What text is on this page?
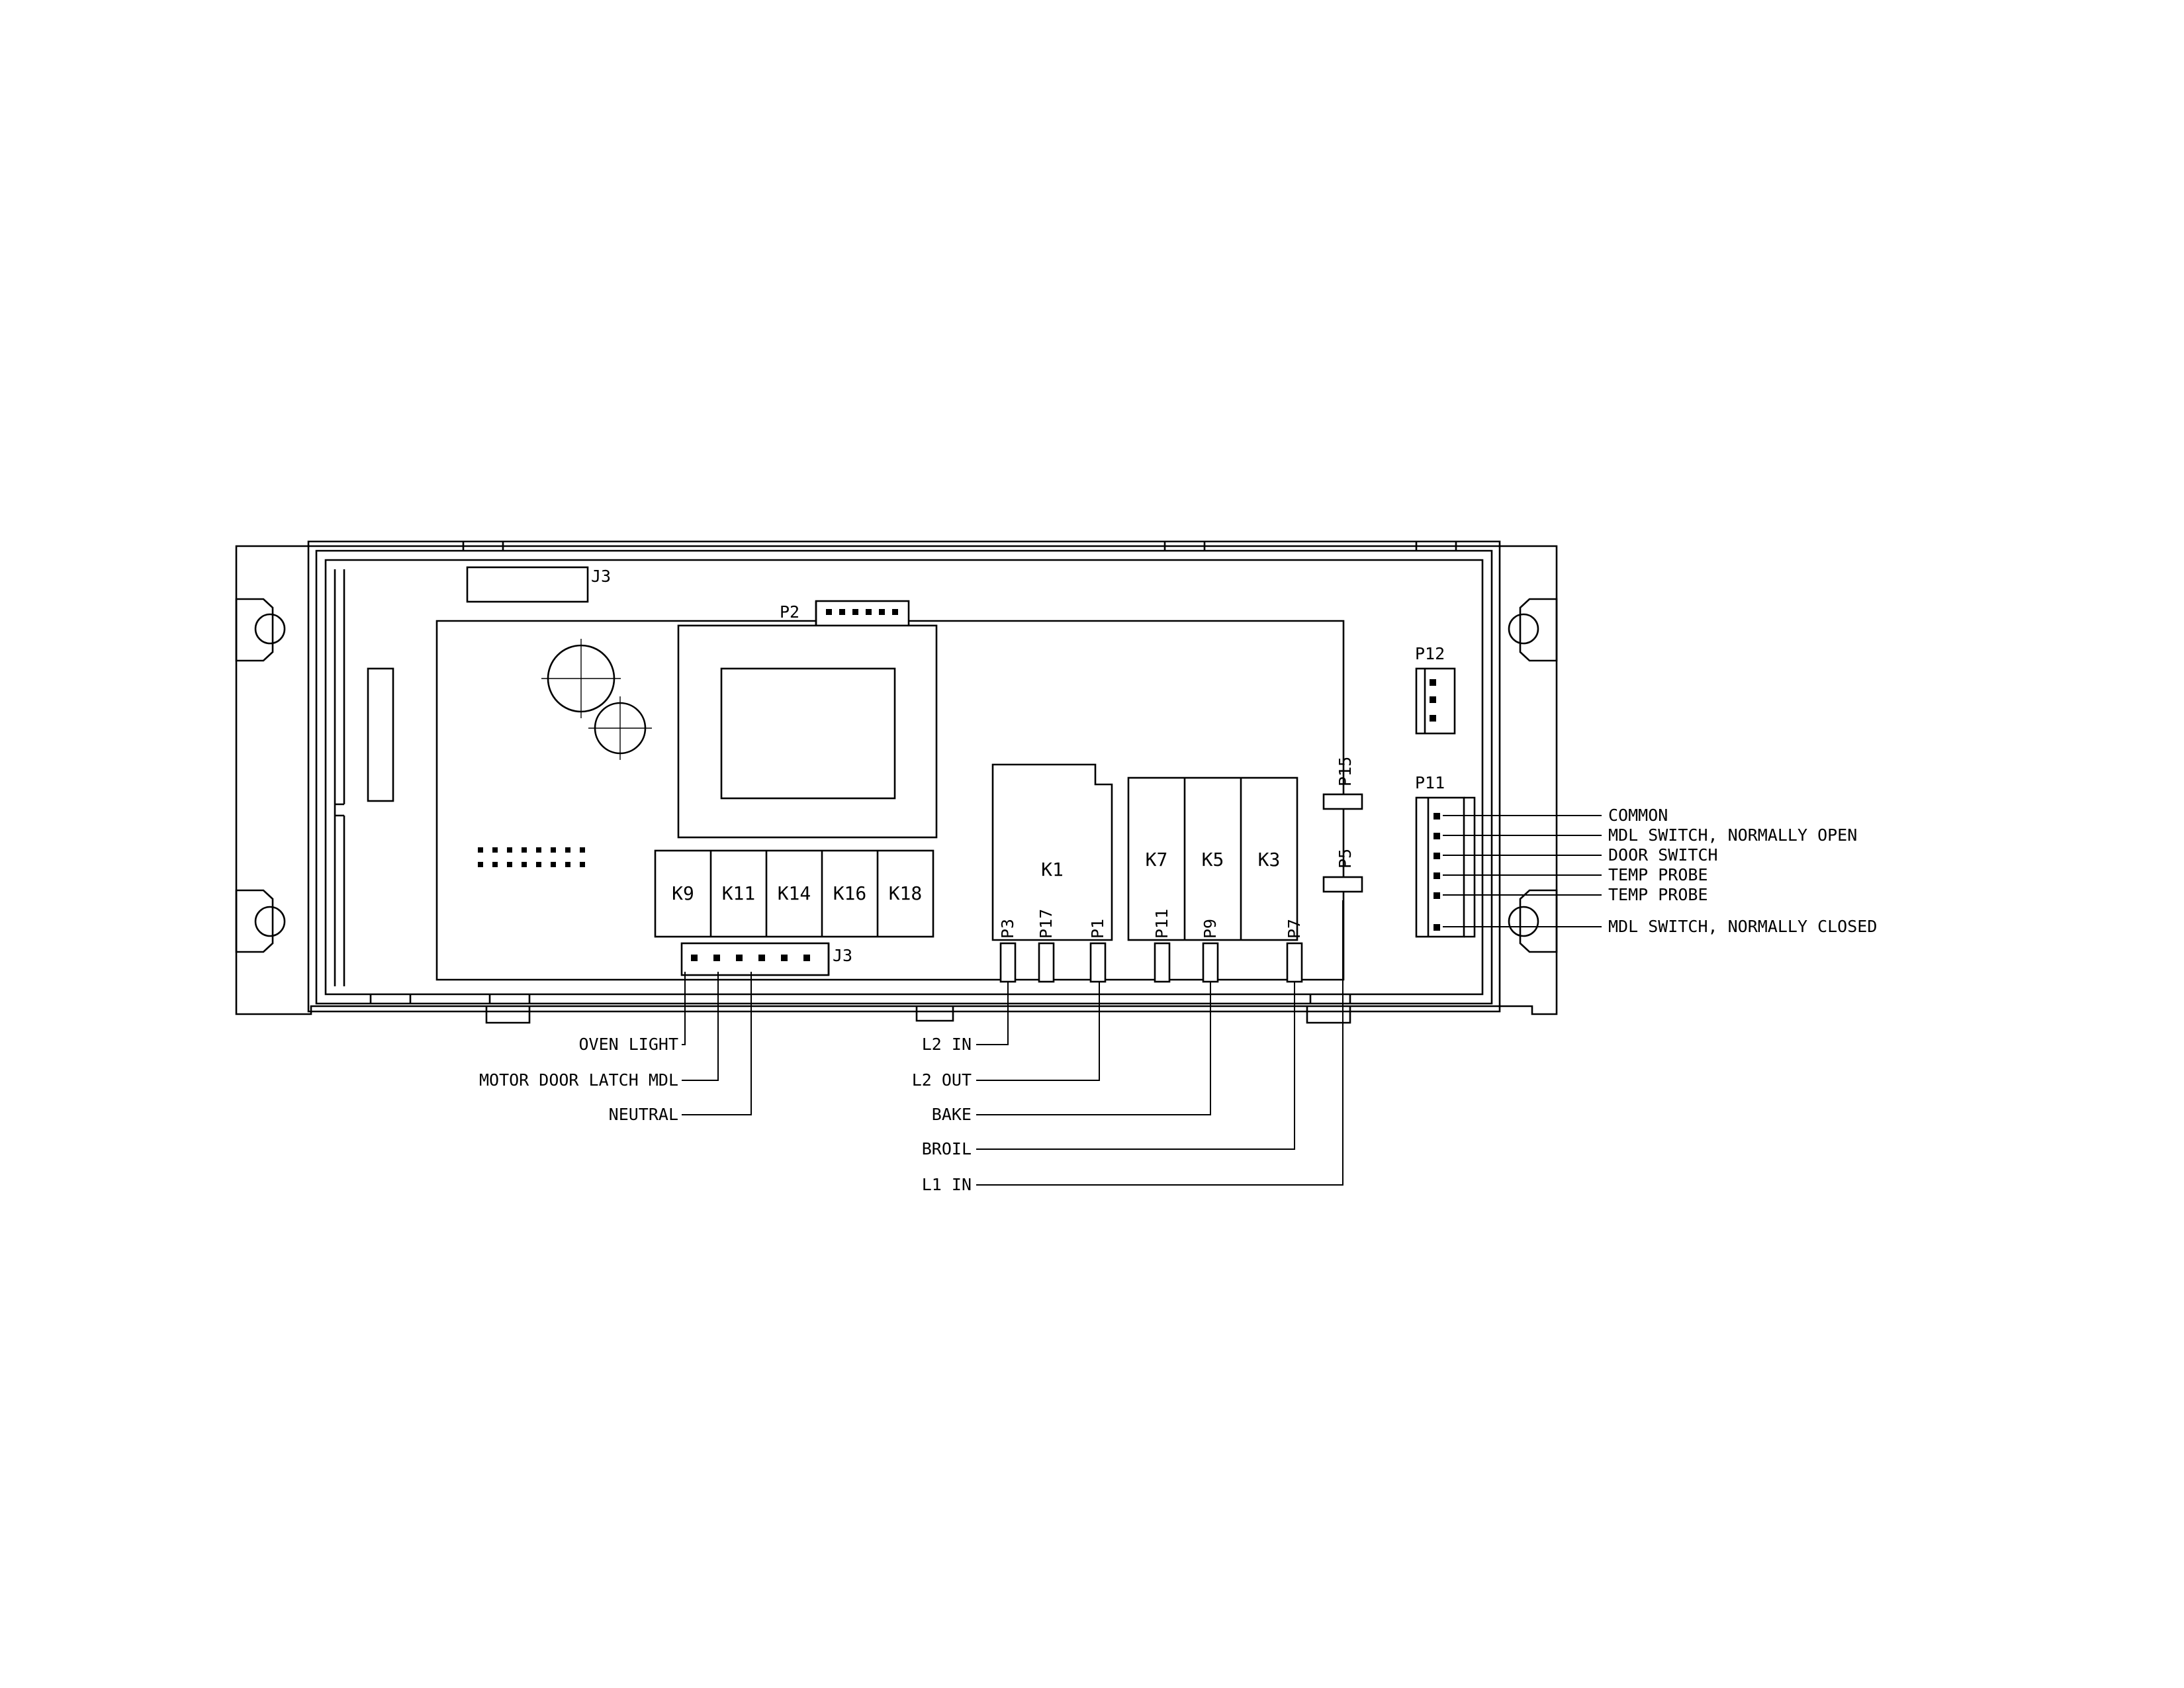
J3
P2
J3
P12
P11
P15
P5
P3 P17 P1	P11 P9	P7
K9	K11	K14	K16	K18
K1	K7	K5	K3
COMMON
MDL SWITCH, NORMALLY OPEN
DOOR SWITCH
TEMP PROBE
TEMP PROBE
MDL SWITCH, NORMALLY CLOSED
OVEN LIGHT
MOTOR DOOR LATCH MDL
NEUTRAL
L2 IN
L2 OUT
BAKE
BROIL
L1 IN
